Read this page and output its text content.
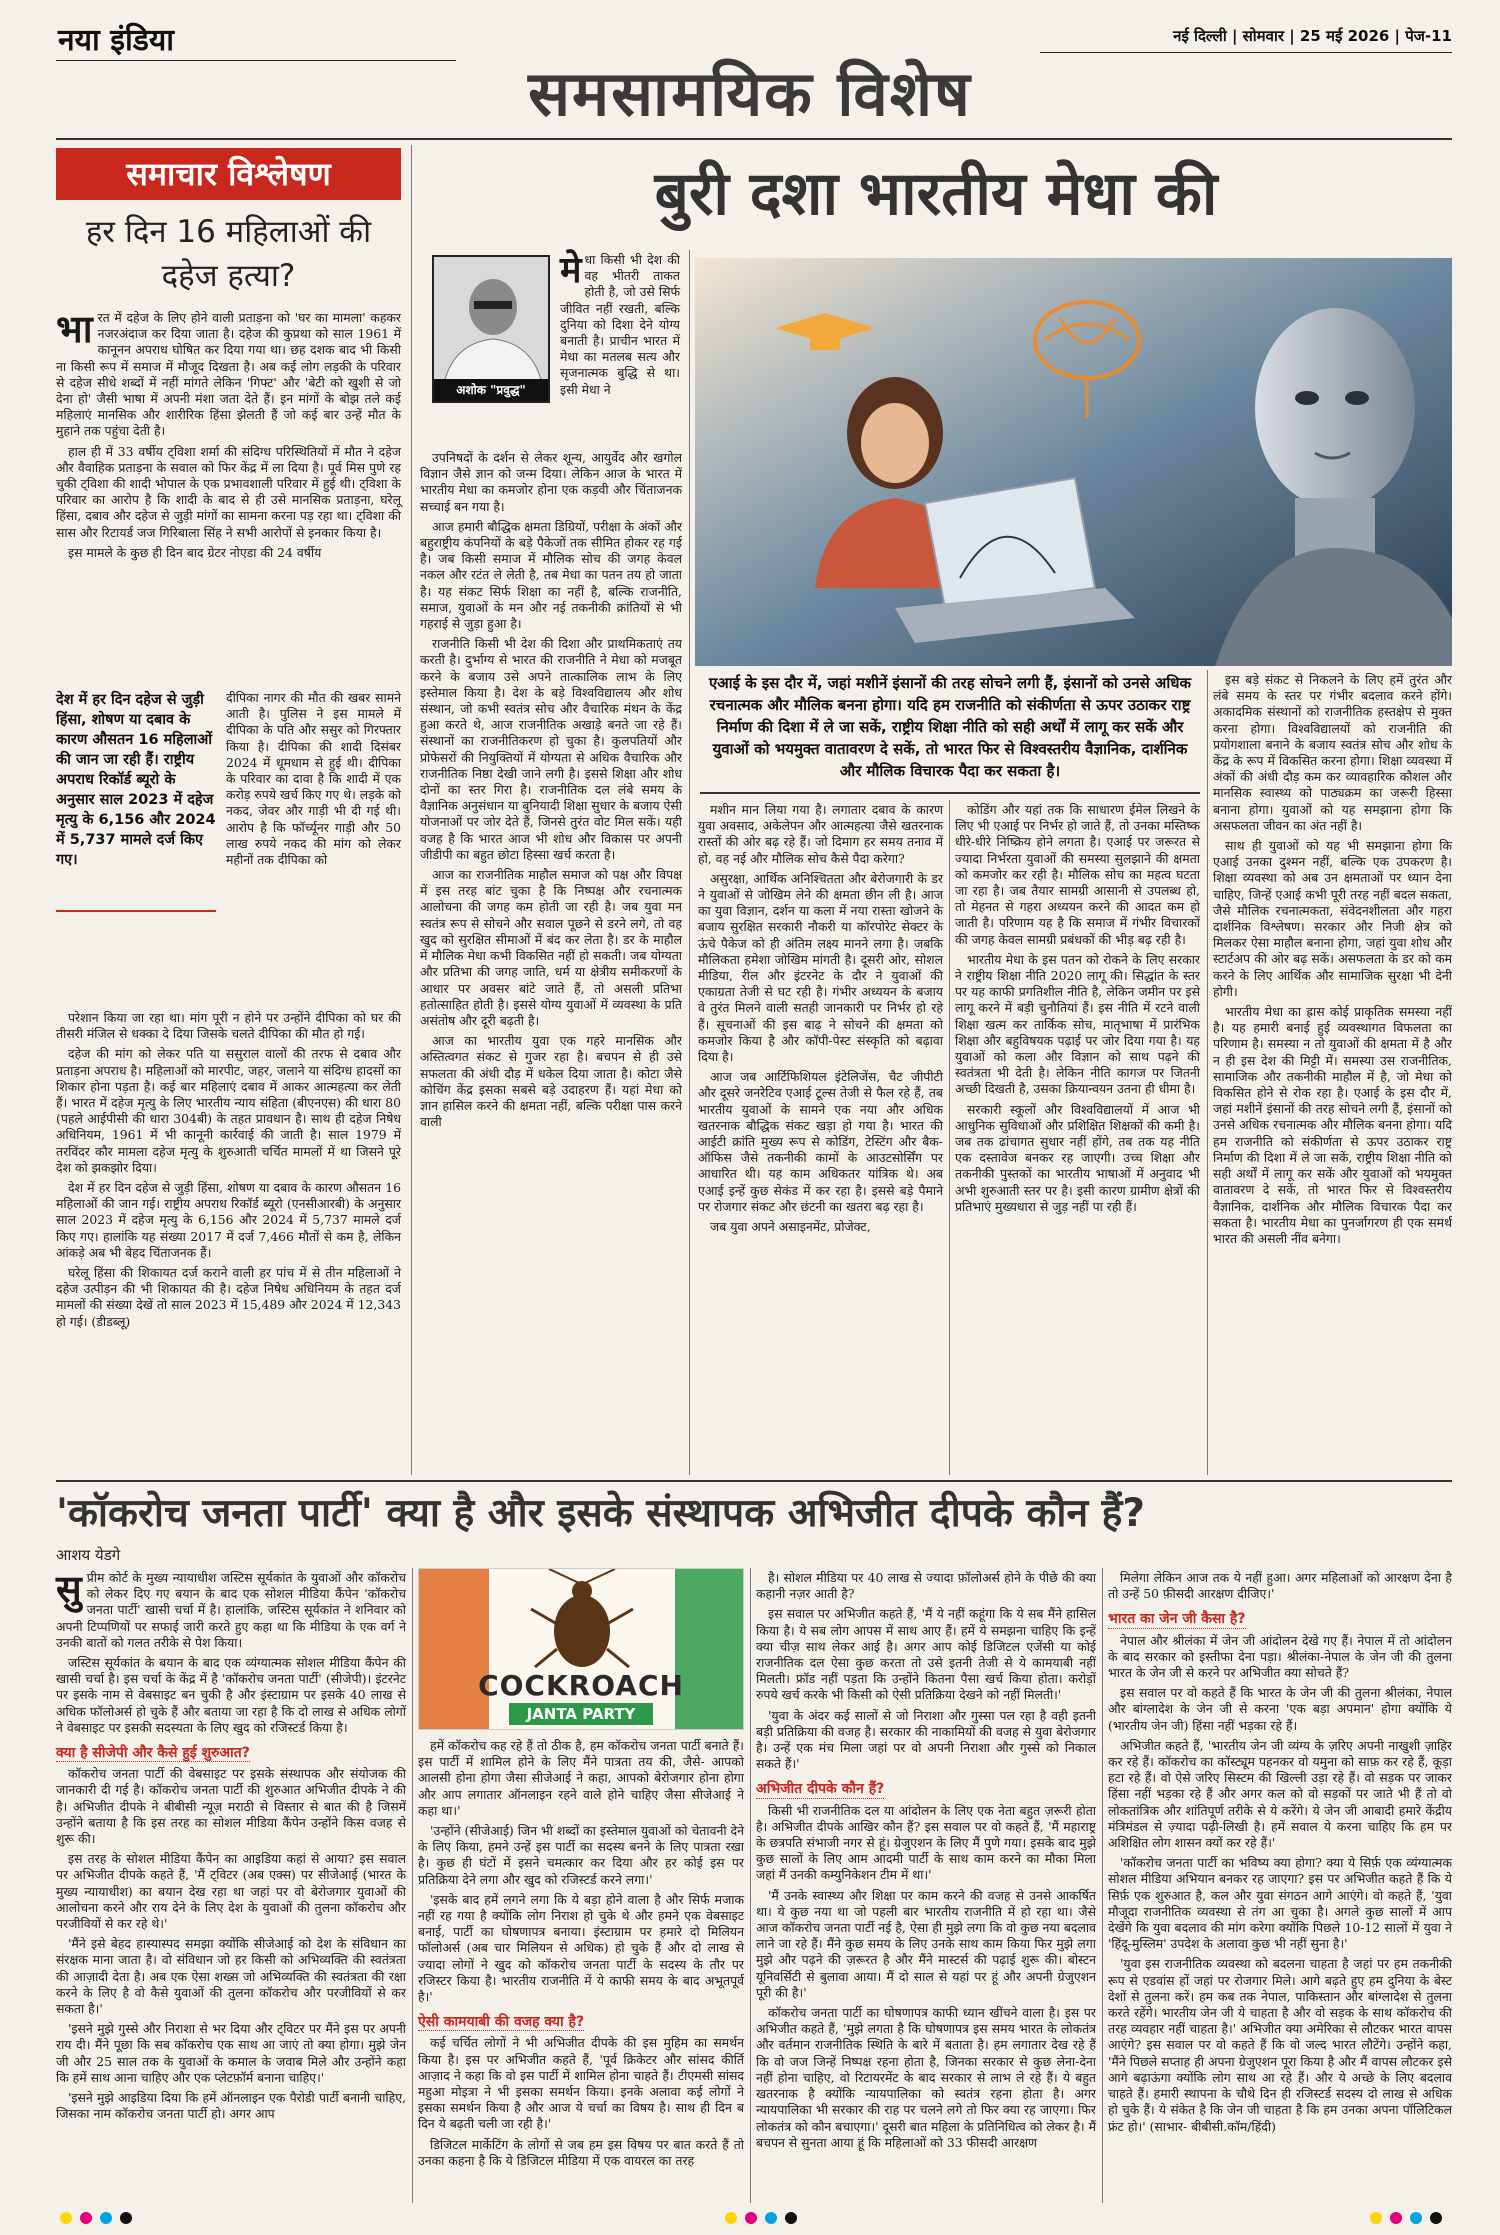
नया इंडिया	नई दिल्ली | सोमवार | 25 मई 2026 | पेज-11
समसामयिक विशेष
समाचार विश्लेषण
हर दिन 16 महिलाओं की दहेज हत्या?
भा रत में दहेज के लिए होने वाली प्रताड़ना को 'घर का मामला' कहकर नजरअंदाज कर दिया जाता है। दहेज की कुप्रथा को साल 1961 में कानूनन अपराध घोषित कर दिया गया था। छह दशक बाद भी किसी ना किसी रूप में समाज में मौजूद दिखता है। अब कई लोग लड़की के परिवार से दहेज सीधे शब्दों में नहीं मांगते लेकिन 'गिफ्ट' और 'बेटी को खुशी से जो देना हो' जैसी भाषा में अपनी मंशा जता देते हैं। इन मांगों के बोझ तले कई महिलाएं मानसिक और शारीरिक हिंसा झेलती हैं जो कई बार उन्हें मौत के मुहाने तक पहुंचा देती है।

हाल ही में 33 वर्षीय ट्विशा शर्मा की संदिग्ध परिस्थितियों में मौत ने दहेज और वैवाहिक प्रताड़ना के सवाल को फिर केंद्र में ला दिया है। पूर्व मिस पुणे रह चुकी ट्विशा की शादी भोपाल के एक प्रभावशाली परिवार में हुई थी। ट्विशा के परिवार का आरोप है कि शादी के बाद से ही उसे मानसिक प्रताड़ना, घरेलू हिंसा, दबाव और दहेज से जुड़ी मांगों का सामना करना पड़ रहा था। ट्विशा की सास और रिटायर्ड जज गिरिबाला सिंह ने सभी आरोपों से इनकार किया है।

इस मामले के कुछ ही दिन बाद ग्रेटर नोएडा की 24 वर्षीय

देश में हर दिन दहेज से जुड़ी हिंसा, शोषण या दबाव के कारण औसतन 16 महिलाओं की जान जा रही हैं। राष्ट्रीय अपराध रिकॉर्ड ब्यूरो के अनुसार साल 2023 में दहेज मृत्यु के 6,156 और 2024 में 5,737 मामले दर्ज किए गए।
दीपिका नागर की मौत की खबर सामने आती है। पुलिस ने इस मामले में दीपिका के पति और ससुर को गिरफ्तार किया है। दीपिका की शादी दिसंबर 2024 में धूमधाम से हुई थी। दीपिका के परिवार का दावा है कि शादी में एक करोड़ रुपये खर्च किए गए थे। लड़के को नकद, जेवर और गाड़ी भी दी गई थी। आरोप है कि फॉर्च्यूनर गाड़ी और 50 लाख रुपये नकद की मांग को लेकर महीनों तक दीपिका को

परेशान किया जा रहा था। मांग पूरी न होने पर उन्होंने दीपिका को घर की तीसरी मंजिल से धक्का दे दिया जिसके चलते दीपिका की मौत हो गई।

दहेज की मांग को लेकर पति या ससुराल वालों की तरफ से दबाव और प्रताड़ना अपराध है। महिलाओं को मारपीट, जहर, जलाने या संदिग्ध हादसों का शिकार होना पड़ता है। कई बार महिलाएं दबाव में आकर आत्महत्या कर लेती हैं। भारत में दहेज मृत्यु के लिए भारतीय न्याय संहिता (बीएनएस) की धारा 80 (पहले आईपीसी की धारा 304बी) के तहत प्रावधान है। साथ ही दहेज निषेध अधिनियम, 1961 में भी कानूनी कार्रवाई की जाती है। साल 1979 में तरविंदर कौर मामला दहेज मृत्यु के शुरुआती चर्चित मामलों में था जिसने पूरे देश को झकझोर दिया।

देश में हर दिन दहेज से जुड़ी हिंसा, शोषण या दबाव के कारण औसतन 16 महिलाओं की जान गई। राष्ट्रीय अपराध रिकॉर्ड ब्यूरो (एनसीआरबी) के अनुसार साल 2023 में दहेज मृत्यु के 6,156 और 2024 में 5,737 मामले दर्ज किए गए। हालांकि यह संख्या 2017 में दर्ज 7,466 मौतों से कम है, लेकिन आंकड़े अब भी बेहद चिंताजनक हैं।

घरेलू हिंसा की शिकायत दर्ज कराने वाली हर पांच में से तीन महिलाओं ने दहेज उत्पीड़न की भी शिकायत की है। दहेज निषेध अधिनियम के तहत दर्ज मामलों की संख्या देखें तो साल 2023 में 15,489 और 2024 में 12,343 हो गई। (डीडब्लू)

बुरी दशा भारतीय मेधा की
अशोक "प्रवुद्ध"
मे धा किसी भी देश की वह भीतरी ताकत होती है, जो उसे सिर्फ जीवित नहीं रखती, बल्कि दुनिया को दिशा देने योग्य बनाती है। प्राचीन भारत में मेधा का मतलब सत्य और सृजनात्मक बुद्धि से था। इसी मेधा ने

उपनिषदों के दर्शन से लेकर शून्य, आयुर्वेद और खगोल विज्ञान जैसे ज्ञान को जन्म दिया। लेकिन आज के भारत में भारतीय मेधा का कमजोर होना एक कड़वी और चिंताजनक सच्चाई बन गया है।

आज हमारी बौद्धिक क्षमता डिग्रियों, परीक्षा के अंकों और बहुराष्ट्रीय कंपनियों के बड़े पैकेजों तक सीमित होकर रह गई है। जब किसी समाज में मौलिक सोच की जगह केवल नकल और रटंत ले लेती है, तब मेधा का पतन तय हो जाता है। यह संकट सिर्फ शिक्षा का नहीं है, बल्कि राजनीति, समाज, युवाओं के मन और नई तकनीकी क्रांतियों से भी गहराई से जुड़ा हुआ है।

राजनीति किसी भी देश की दिशा और प्राथमिकताएं तय करती है। दुर्भाग्य से भारत की राजनीति ने मेधा को मजबूत करने के बजाय उसे अपने तात्कालिक लाभ के लिए इस्तेमाल किया है। देश के बड़े विश्वविद्यालय और शोध संस्थान, जो कभी स्वतंत्र सोच और वैचारिक मंथन के केंद्र हुआ करते थे, आज राजनीतिक अखाड़े बनते जा रहे हैं। संस्थानों का राजनीतिकरण हो चुका है। कुलपतियों और प्रोफेसरों की नियुक्तियों में योग्यता से अधिक वैचारिक और राजनीतिक निष्ठा देखी जाने लगी है। इससे शिक्षा और शोध दोनों का स्तर गिरा है। राजनीतिक दल लंबे समय के वैज्ञानिक अनुसंधान या बुनियादी शिक्षा सुधार के बजाय ऐसी योजनाओं पर जोर देते हैं, जिनसे तुरंत वोट मिल सकें। यही वजह है कि भारत आज भी शोध और विकास पर अपनी जीडीपी का बहुत छोटा हिस्सा खर्च करता है।

आज का राजनीतिक माहौल समाज को पक्ष और विपक्ष में इस तरह बांट चुका है कि निष्पक्ष और रचनात्मक आलोचना की जगह कम होती जा रही है। जब युवा मन स्वतंत्र रूप से सोचने और सवाल पूछने से डरने लगे, तो वह खुद को सुरक्षित सीमाओं में बंद कर लेता है। डर के माहौल में मौलिक मेधा कभी विकसित नहीं हो सकती। जब योग्यता और प्रतिभा की जगह जाति, धर्म या क्षेत्रीय समीकरणों के आधार पर अवसर बांटे जाते हैं, तो असली प्रतिभा हतोत्साहित होती है। इससे योग्य युवाओं में व्यवस्था के प्रति असंतोष और दूरी बढ़ती है।

आज का भारतीय युवा एक गहरे मानसिक और अस्तित्वगत संकट से गुजर रहा है। बचपन से ही उसे सफलता की अंधी दौड़ में धकेल दिया जाता है। कोटा जैसे कोचिंग केंद्र इसका सबसे बड़े उदाहरण हैं। यहां मेधा को ज्ञान हासिल करने की क्षमता नहीं, बल्कि परीक्षा पास करने वाली

एआई के इस दौर में, जहां मशीनें इंसानों की तरह सोचने लगी हैं, इंसानों को उनसे अधिक रचनात्मक और मौलिक बनना होगा। यदि हम राजनीति को संकीर्णता से ऊपर उठाकर राष्ट्र निर्माण की दिशा में ले जा सकें, राष्ट्रीय शिक्षा नीति को सही अर्थों में लागू कर सकें और युवाओं को भयमुक्त वातावरण दे सकें, तो भारत फिर से विश्वस्तरीय वैज्ञानिक, दार्शनिक और मौलिक विचारक पैदा कर सकता है।

मशीन मान लिया गया है। लगातार दबाव के कारण युवा अवसाद, अकेलेपन और आत्महत्या जैसे खतरनाक रास्तों की ओर बढ़ रहे हैं। जो दिमाग हर समय तनाव में हो, वह नई और मौलिक सोच कैसे पैदा करेगा?

असुरक्षा, आर्थिक अनिश्चितता और बेरोजगारी के डर ने युवाओं से जोखिम लेने की क्षमता छीन ली है। आज का युवा विज्ञान, दर्शन या कला में नया रास्ता खोजने के बजाय सुरक्षित सरकारी नौकरी या कॉरपोरेट सेक्टर के ऊंचे पैकेज को ही अंतिम लक्ष्य मानने लगा है। जबकि मौलिकता हमेशा जोखिम मांगती है। दूसरी ओर, सोशल मीडिया, रील और इंटरनेट के दौर ने युवाओं की एकाग्रता तेजी से घट रही है। गंभीर अध्ययन के बजाय वे तुरंत मिलने वाली सतही जानकारी पर निर्भर हो रहे हैं। सूचनाओं की इस बाढ़ ने सोचने की क्षमता को कमजोर किया है और कॉपी-पेस्ट संस्कृति को बढ़ावा दिया है।

आज जब आर्टिफिशियल इंटेलिजेंस, चैट जीपीटी और दूसरे जनरेटिव एआई टूल्स तेजी से फैल रहे हैं, तब भारतीय युवाओं के सामने एक नया और अधिक खतरनाक बौद्धिक संकट खड़ा हो गया है। भारत की आईटी क्रांति मुख्य रूप से कोडिंग, टेस्टिंग और बैक-ऑफिस जैसे तकनीकी कामों के आउटसोर्सिंग पर आधारित थी। यह काम अधिकतर यांत्रिक थे। अब एआई इन्हें कुछ सेकंड में कर रहा है। इससे बड़े पैमाने पर रोजगार संकट और छंटनी का खतरा बढ़ रहा है।

जब युवा अपने असाइनमेंट, प्रोजेक्ट,

कोडिंग और यहां तक कि साधारण ईमेल लिखने के लिए भी एआई पर निर्भर हो जाते हैं, तो उनका मस्तिष्क धीरे-धीरे निष्क्रिय होने लगता है। एआई पर जरूरत से ज्यादा निर्भरता युवाओं की समस्या सुलझाने की क्षमता को कमजोर कर रही है। मौलिक सोच का महत्व घटता जा रहा है। जब तैयार सामग्री आसानी से उपलब्ध हो, तो मेहनत से गहरा अध्ययन करने की आदत कम हो जाती है। परिणाम यह है कि समाज में गंभीर विचारकों की जगह केवल सामग्री प्रबंधकों की भीड़ बढ़ रही है।

भारतीय मेधा के इस पतन को रोकने के लिए सरकार ने राष्ट्रीय शिक्षा नीति 2020 लागू की। सिद्धांत के स्तर पर यह काफी प्रगतिशील नीति है, लेकिन जमीन पर इसे लागू करने में बड़ी चुनौतियां हैं। इस नीति में रटने वाली शिक्षा खत्म कर तार्किक सोच, मातृभाषा में प्रारंभिक शिक्षा और बहुविषयक पढ़ाई पर जोर दिया गया है। यह युवाओं को कला और विज्ञान को साथ पढ़ने की स्वतंत्रता भी देती है। लेकिन नीति कागज पर जितनी अच्छी दिखती है, उसका क्रियान्वयन उतना ही धीमा है।

सरकारी स्कूलों और विश्वविद्यालयों में आज भी आधुनिक सुविधाओं और प्रशिक्षित शिक्षकों की कमी है। जब तक ढांचागत सुधार नहीं होंगे, तब तक यह नीति एक दस्तावेज बनकर रह जाएगी। उच्च शिक्षा और तकनीकी पुस्तकों का भारतीय भाषाओं में अनुवाद भी अभी शुरुआती स्तर पर है। इसी कारण ग्रामीण क्षेत्रों की प्रतिभाएं मुख्यधारा से जुड़ नहीं पा रही हैं।

इस बड़े संकट से निकलने के लिए हमें तुरंत और लंबे समय के स्तर पर गंभीर बदलाव करने होंगे। अकादमिक संस्थानों को राजनीतिक हस्तक्षेप से मुक्त करना होगा। विश्वविद्यालयों को राजनीति की प्रयोगशाला बनाने के बजाय स्वतंत्र सोच और शोध के केंद्र के रूप में विकसित करना होगा। शिक्षा व्यवस्था में अंकों की अंधी दौड़ कम कर व्यावहारिक कौशल और मानसिक स्वास्थ्य को पाठ्यक्रम का जरूरी हिस्सा बनाना होगा। युवाओं को यह समझाना होगा कि असफलता जीवन का अंत नहीं है।

साथ ही युवाओं को यह भी समझाना होगा कि एआई उनका दुश्मन नहीं, बल्कि एक उपकरण है। शिक्षा व्यवस्था को अब उन क्षमताओं पर ध्यान देना चाहिए, जिन्हें एआई कभी पूरी तरह नहीं बदल सकता, जैसे मौलिक रचनात्मकता, संवेदनशीलता और गहरा दार्शनिक विश्लेषण। सरकार और निजी क्षेत्र को मिलकर ऐसा माहौल बनाना होगा, जहां युवा शोध और स्टार्टअप की ओर बढ़ सकें। असफलता के डर को कम करने के लिए आर्थिक और सामाजिक सुरक्षा भी देनी होगी।

भारतीय मेधा का ह्रास कोई प्राकृतिक समस्या नहीं है। यह हमारी बनाई हुई व्यवस्थागत विफलता का परिणाम है। समस्या न तो युवाओं की क्षमता में है और न ही इस देश की मिट्टी में। समस्या उस राजनीतिक, सामाजिक और तकनीकी माहौल में है, जो मेधा को विकसित होने से रोक रहा है। एआई के इस दौर में, जहां मशीनें इंसानों की तरह सोचने लगी हैं, इंसानों को उनसे अधिक रचनात्मक और मौलिक बनना होगा। यदि हम राजनीति को संकीर्णता से ऊपर उठाकर राष्ट्र निर्माण की दिशा में ले जा सकें, राष्ट्रीय शिक्षा नीति को सही अर्थों में लागू कर सकें और युवाओं को भयमुक्त वातावरण दे सकें, तो भारत फिर से विश्वस्तरीय वैज्ञानिक, दार्शनिक और मौलिक विचारक पैदा कर सकता है। भारतीय मेधा का पुनर्जागरण ही एक समर्थ भारत की असली नींव बनेगा।

'कॉकरोच जनता पार्टी' क्या है और इसके संस्थापक अभिजीत दीपके कौन हैं?
आशय येडगे
सु प्रीम कोर्ट के मुख्य न्यायाधीश जस्टिस सूर्यकांत के युवाओं और कॉकरोच को लेकर दिए गए बयान के बाद एक सोशल मीडिया कैंपेन 'कॉकरोच जनता पार्टी' खासी चर्चा में है। हालांकि, जस्टिस सूर्यकांत ने शनिवार को अपनी टिप्पणियों पर सफाई जारी करते हुए कहा था कि मीडिया के एक वर्ग ने उनकी बातों को गलत तरीके से पेश किया।

जस्टिस सूर्यकांत के बयान के बाद एक व्यंग्यात्मक सोशल मीडिया कैंपेन की खासी चर्चा है। इस चर्चा के केंद्र में है 'कॉकरोच जनता पार्टी' (सीजेपी)। इंटरनेट पर इसके नाम से वेबसाइट बन चुकी है और इंस्टाग्राम पर इसके 40 लाख से अधिक फॉलोअर्स हो चुके हैं और बताया जा रहा है कि दो लाख से अधिक लोगों ने वेबसाइट पर इसकी सदस्यता के लिए खुद को रजिस्टर्ड किया है।

क्या है सीजेपी और कैसे हुई शुरुआत?

कॉकरोच जनता पार्टी की वेबसाइट पर इसके संस्थापक और संयोजक की जानकारी दी गई है। कॉकरोच जनता पार्टी की शुरुआत अभिजीत दीपके ने की है। अभिजीत दीपके ने बीबीसी न्यूज़ मराठी से विस्तार से बात की है जिसमें उन्होंने बताया है कि इस तरह का सोशल मीडिया कैंपेन उन्होंने किस वजह से शुरू की।

इस तरह के सोशल मीडिया कैंपेन का आइडिया कहां से आया? इस सवाल पर अभिजीत दीपके कहते हैं, 'मैं ट्विटर (अब एक्स) पर सीजेआई (भारत के मुख्य न्यायाधीश) का बयान देख रहा था जहां पर वो बेरोजगार युवाओं की आलोचना करने और राय देने के लिए देश के युवाओं की तुलना कॉकरोच और परजीवियों से कर रहे थे।'

'मैंने इसे बेहद हास्यास्पद समझा क्योंकि सीजेआई को देश के संविधान का संरक्षक माना जाता है। वो संविधान जो हर किसी को अभिव्यक्ति की स्वतंत्रता की आज़ादी देता है। अब एक ऐसा शख्स जो अभिव्यक्ति की स्वतंत्रता की रक्षा करने के लिए है वो कैसे युवाओं की तुलना कॉकरोच और परजीवियों से कर सकता है।'

'इसने मुझे गुस्से और निराशा से भर दिया और ट्विटर पर मैंने इस पर अपनी राय दी। मैंने पूछा कि सब कॉकरोच एक साथ आ जाएं तो क्या होगा। मुझे जेन जी और 25 साल तक के युवाओं के कमाल के जवाब मिले और उन्होंने कहा कि हमें साथ आना चाहिए और एक प्लेटफ़ॉर्म बनाना चाहिए।'

'इसने मुझे आइडिया दिया कि हमें ऑनलाइन एक पैरोडी पार्टी बनानी चाहिए, जिसका नाम कॉकरोच जनता पार्टी हो। अगर आप

COCKROACH
JANTA PARTY

हमें कॉकरोच कह रहे हैं तो ठीक है, हम कॉकरोच जनता पार्टी बनाते हैं। इस पार्टी में शामिल होने के लिए मैंने पात्रता तय की, जैसे- आपको आलसी होना होगा जैसा सीजेआई ने कहा, आपको बेरोजगार होना होगा और आप लगातार ऑनलाइन रहने वाले होने चाहिए जैसा सीजेआई ने कहा था।'

'उन्होंने (सीजेआई) जिन भी शब्दों का इस्तेमाल युवाओं को चेतावनी देने के लिए किया, हमने उन्हें इस पार्टी का सदस्य बनने के लिए पात्रता रखा है। कुछ ही घंटों में इसने चमत्कार कर दिया और हर कोई इस पर प्रतिक्रिया देने लगा और खुद को रजिस्टर्ड करने लगा।'

'इसके बाद हमें लगने लगा कि ये बड़ा होने वाला है और सिर्फ मजाक नहीं रह गया है क्योंकि लोग निराश हो चुके थे और हमने एक वेबसाइट बनाई, पार्टी का घोषणापत्र बनाया। इंस्टाग्राम पर हमारे दो मिलियन फॉलोअर्स (अब चार मिलियन से अधिक) हो चुके हैं और दो लाख से ज्यादा लोगों ने खुद को कॉकरोच जनता पार्टी के सदस्य के तौर पर रजिस्टर किया है। भारतीय राजनीति में ये काफी समय के बाद अभूतपूर्व है।'

ऐसी कामयाबी की वजह क्या है?

कई चर्चित लोगों ने भी अभिजीत दीपके की इस मुहिम का समर्थन किया है। इस पर अभिजीत कहते हैं, 'पूर्व क्रिकेटर और सांसद कीर्ति आज़ाद ने कहा कि वो इस पार्टी में शामिल होना चाहते हैं। टीएमसी सांसद महुआ मोइत्रा ने भी इसका समर्थन किया। इनके अलावा कई लोगों ने इसका समर्थन किया है और आज ये चर्चा का विषय है। साथ ही दिन ब दिन ये बढ़ती चली जा रही है।'

डिजिटल मार्केटिंग के लोगों से जब हम इस विषय पर बात करते हैं तो उनका कहना है कि ये डिजिटल मीडिया में एक वायरल का तरह

है। सोशल मीडिया पर 40 लाख से ज्यादा फ़ॉलोअर्स होने के पीछे की क्या कहानी नज़र आती है?

इस सवाल पर अभिजीत कहते हैं, 'मैं ये नहीं कहूंगा कि ये सब मैंने हासिल किया है। ये सब लोग आपस में साथ आए हैं। हमें ये समझना चाहिए कि इन्हें क्या चीज़ साथ लेकर आई है। अगर आप कोई डिजिटल एजेंसी या कोई राजनीतिक दल ऐसा कुछ करता तो उसे इतनी तेजी से ये कामयाबी नहीं मिलती। फ्रॉड नहीं पड़ता कि उन्होंने कितना पैसा खर्च किया होता। करोड़ों रुपये खर्च करके भी किसी को ऐसी प्रतिक्रिया देखने को नहीं मिलती।'

'युवा के अंदर कई सालों से जो निराशा और गुस्सा पल रहा है वही इतनी बड़ी प्रतिक्रिया की वजह है। सरकार की नाकामियों की वजह से युवा बेरोजगार है। उन्हें एक मंच मिला जहां पर वो अपनी निराशा और गुस्से को निकाल सकते हैं।'

अभिजीत दीपके कौन हैं?

किसी भी राजनीतिक दल या आंदोलन के लिए एक नेता बहुत ज़रूरी होता है। अभिजीत दीपके आखिर कौन हैं? इस सवाल पर वो कहते हैं, 'मैं महाराष्ट्र के छत्रपति संभाजी नगर से हूं। ग्रेजुएशन के लिए मैं पुणे गया। इसके बाद मुझे कुछ सालों के लिए आम आदमी पार्टी के साथ काम करने का मौका मिला जहां मैं उनकी कम्युनिकेशन टीम में था।'

'मैं उनके स्वास्थ्य और शिक्षा पर काम करने की वजह से उनसे आकर्षित था। ये कुछ नया था जो पहली बार भारतीय राजनीति में हो रहा था। जैसे आज कॉकरोच जनता पार्टी नई है, ऐसा ही मुझे लगा कि वो कुछ नया बदलाव लाने जा रहे हैं। मैंने कुछ समय के लिए उनके साथ काम किया फिर मुझे लगा मुझे और पढ़ने की ज़रूरत है और मैंने मास्टर्स की पढ़ाई शुरू की। बोस्टन यूनिवर्सिटी से बुलावा आया। मैं दो साल से यहां पर हूं और अपनी ग्रेजुएशन पूरी की है।'

कॉकरोच जनता पार्टी का घोषणापत्र काफी ध्यान खींचने वाला है। इस पर अभिजीत कहते हैं, 'मुझे लगता है कि घोषणापत्र इस समय भारत के लोकतंत्र और वर्तमान राजनीतिक स्थिति के बारे में बताता है। हम लगातार देख रहे हैं कि वो जज जिन्हें निष्पक्ष रहना होता है, जिनका सरकार से कुछ लेना-देना नहीं होना चाहिए, वो रिटायरमेंट के बाद सरकार से लाभ ले रहे हैं। ये बहुत खतरनाक है क्योंकि न्यायपालिका को स्वतंत्र रहना होता है। अगर न्यायपालिका भी सरकार की राह पर चलने लगे तो फिर क्या रह जाएगा। फिर लोकतंत्र को कौन बचाएगा।' दूसरी बात महिला के प्रतिनिधित्व को लेकर है। मैं बचपन से सुनता आया हूं कि महिलाओं को 33 फीसदी आरक्षण

मिलेगा लेकिन आज तक ये नहीं हुआ। अगर महिलाओं को आरक्षण देना है तो उन्हें 50 फ़ीसदी आरक्षण दीजिए।'

भारत का जेन जी कैसा है?

नेपाल और श्रीलंका में जेन जी आंदोलन देखे गए हैं। नेपाल में तो आंदोलन के बाद सरकार को इस्तीफा देना पड़ा। श्रीलंका-नेपाल के जेन जी की तुलना भारत के जेन जी से करने पर अभिजीत क्या सोचते हैं?

इस सवाल पर वो कहते हैं कि भारत के जेन जी की तुलना श्रीलंका, नेपाल और बांग्लादेश के जेन जी से करना 'एक बड़ा अपमान' होगा क्योंकि ये (भारतीय जेन जी) हिंसा नहीं भड़का रहे हैं।

अभिजीत कहते हैं, 'भारतीय जेन जी व्यंग्य के ज़रिए अपनी नाखुशी ज़ाहिर कर रहे हैं। कॉकरोच का कॉस्ट्यूम पहनकर वो यमुना को साफ़ कर रहे हैं, कूड़ा हटा रहे हैं। वो ऐसे जरिए सिस्टम की खिल्ली उड़ा रहे हैं। वो सड़क पर जाकर हिंसा नहीं भड़का रहे हैं और अगर कल को वो सड़कों पर जाते भी हैं तो वो लोकतांत्रिक और शांतिपूर्ण तरीके से ये करेंगे। ये जेन जी आबादी हमारे केंद्रीय मंत्रिमंडल से ज़्यादा पढ़ी-लिखी है। हमें सवाल ये करना चाहिए कि हम पर अशिक्षित लोग शासन क्यों कर रहे हैं।'

'कॉकरोच जनता पार्टी का भविष्य क्या होगा? क्या ये सिर्फ़ एक व्यंग्यात्मक सोशल मीडिया अभियान बनकर रह जाएगा? इस पर अभिजीत कहते हैं कि ये सिर्फ़ एक शुरुआत है, कल और युवा संगठन आगे आएंगे। वो कहते हैं, 'युवा मौजूदा राजनीतिक व्यवस्था से तंग आ चुका है। अगले कुछ सालों में आप देखेंगे कि युवा बदलाव की मांग करेगा क्योंकि पिछले 10-12 सालों में युवा ने 'हिंदू-मुस्लिम' उपदेश के अलावा कुछ भी नहीं सुना है।'

'युवा इस राजनीतिक व्यवस्था को बदलना चाहता है जहां पर हम तकनीकी रूप से एडवांस हों जहां पर रोजगार मिले। आगे बढ़ते हुए हम दुनिया के बेस्ट देशों से तुलना करें। हम कब तक नेपाल, पाकिस्तान और बांग्लादेश से तुलना करते रहेंगे। भारतीय जेन जी ये चाहता है और वो सड़क के साथ कॉकरोच की तरह व्यवहार नहीं चाहता है।' अभिजीत क्या अमेरिका से लौटकर भारत वापस आएंगे? इस सवाल पर वो कहते हैं कि वो जल्द भारत लौटेंगे। उन्होंने कहा, 'मैंने पिछले सप्ताह ही अपना ग्रेजुएशन पूरा किया है और मैं वापस लौटकर इसे आगे बढ़ाऊंगा क्योंकि लोग साथ आ रहे हैं। और ये अच्छे के लिए बदलाव चाहते हैं। हमारी स्थापना के चौथे दिन ही रजिस्टर्ड सदस्य दो लाख से अधिक हो चुके हैं। ये संकेत है कि जेन जी चाहता है कि हम उनका अपना पॉलिटिकल फ्रंट हो।' (साभार- बीबीसी.कॉम/हिंदी)
